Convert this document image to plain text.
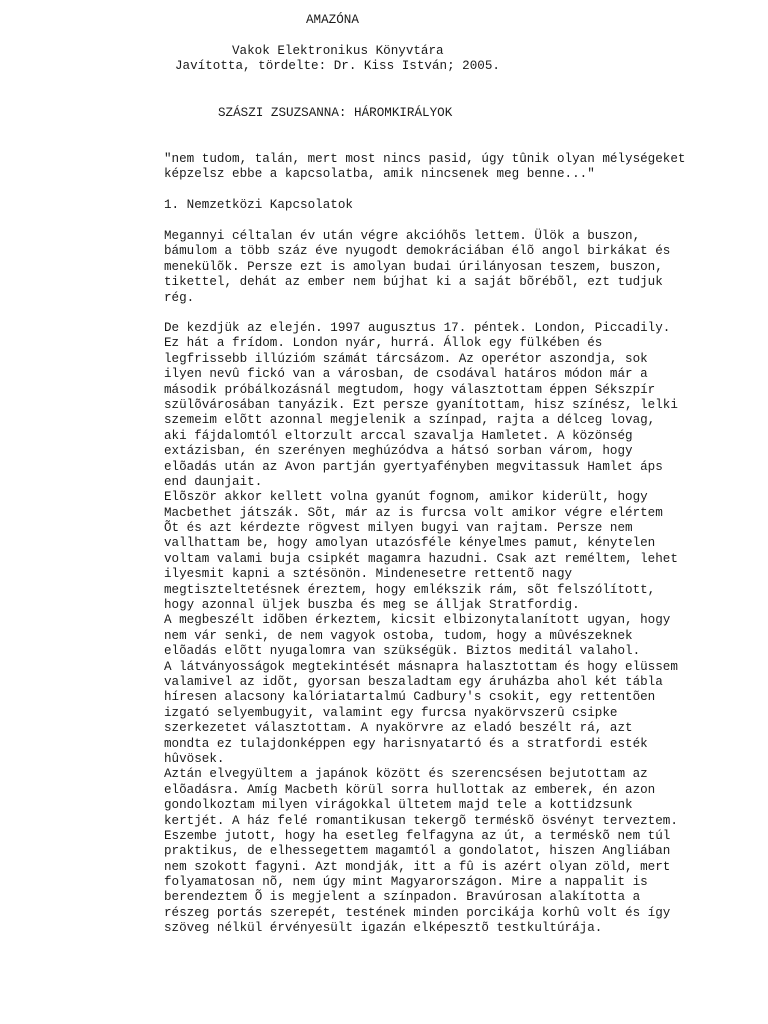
AMAZÓNA
Vakok Elektronikus Könyvtára
Javította, tördelte: Dr. Kiss István; 2005.
SZÁSZI ZSUZSANNA: HÁROMKIRÁLYOK
"nem tudom, talán, mert most nincs pasid, úgy tûnik olyan mélységeket
képzelsz ebbe a kapcsolatba, amik nincsenek meg benne..."
1. Nemzetközi Kapcsolatok
Megannyi céltalan év után végre akcióhõs lettem. Ülök a buszon,
bámulom a több száz éve nyugodt demokráciában élõ angol birkákat és
menekülõk. Persze ezt is amolyan budai úrilányosan teszem, buszon,
tikettel, dehát az ember nem bújhat ki a saját bõrébõl, ezt tudjuk
rég.
De kezdjük az elején. 1997 augusztus 17. péntek. London, Piccadily.
Ez hát a frídom. London nyár, hurrá. Állok egy fülkében és
legfrissebb illúzióm számát tárcsázom. Az operétor aszondja, sok
ilyen nevû fickó van a városban, de csodával határos módon már a
második próbálkozásnál megtudom, hogy választottam éppen Sékszpír
szülõvárosában tanyázik. Ezt persze gyanítottam, hisz színész, lelki
szemeim elõtt azonnal megjelenik a színpad, rajta a délceg lovag,
aki fájdalomtól eltorzult arccal szavalja Hamletet. A közönség
extázisban, én szerényen meghúzódva a hátsó sorban várom, hogy
elõadás után az Avon partján gyertyafényben megvitassuk Hamlet áps
end daunjait.
Elõször akkor kellett volna gyanút fognom, amikor kiderült, hogy
Macbethet játszák. Sõt, már az is furcsa volt amikor végre elértem
Õt és azt kérdezte rögvest milyen bugyi van rajtam. Persze nem
vallhattam be, hogy amolyan utazósféle kényelmes pamut, kénytelen
voltam valami buja csipkét magamra hazudni. Csak azt reméltem, lehet
ilyesmit kapni a sztésönön. Mindenesetre rettentõ nagy
megtiszteltetésnek éreztem, hogy emlékszik rám, sõt felszólított,
hogy azonnal üljek buszba és meg se álljak Stratfordig.
A megbeszélt idõben érkeztem, kicsit elbizonytalanított ugyan, hogy
nem vár senki, de nem vagyok ostoba, tudom, hogy a mûvészeknek
elõadás elõtt nyugalomra van szükségük. Biztos meditál valahol.
A látványosságok megtekintését másnapra halasztottam és hogy elüssem
valamivel az idõt, gyorsan beszaladtam egy áruházba ahol két tábla
híresen alacsony kalóriatartalmú Cadbury's csokit, egy rettentõen
izgató selyembugyit, valamint egy furcsa nyakörvszerû csipke
szerkezetet választottam. A nyakörvre az eladó beszélt rá, azt
mondta ez tulajdonképpen egy harisnyatartó és a stratfordi esték
hûvösek.
Aztán elvegyültem a japánok között és szerencsésen bejutottam az
elõadásra. Amíg Macbeth körül sorra hullottak az emberek, én azon
gondolkoztam milyen virágokkal ültetem majd tele a kottidzsunk
kertjét. A ház felé romantikusan tekergõ terméskõ ösvényt terveztem.
Eszembe jutott, hogy ha esetleg felfagyna az út, a terméskõ nem túl
praktikus, de elhessegettem magamtól a gondolatot, hiszen Angliában
nem szokott fagyni. Azt mondják, itt a fû is azért olyan zöld, mert
folyamatosan nõ, nem úgy mint Magyarországon. Mire a nappalit is
berendeztem Õ is megjelent a színpadon. Bravúrosan alakította a
részeg portás szerepét, testének minden porcikája korhû volt és így
szöveg nélkül érvényesült igazán elképesztõ testkultúrája.
